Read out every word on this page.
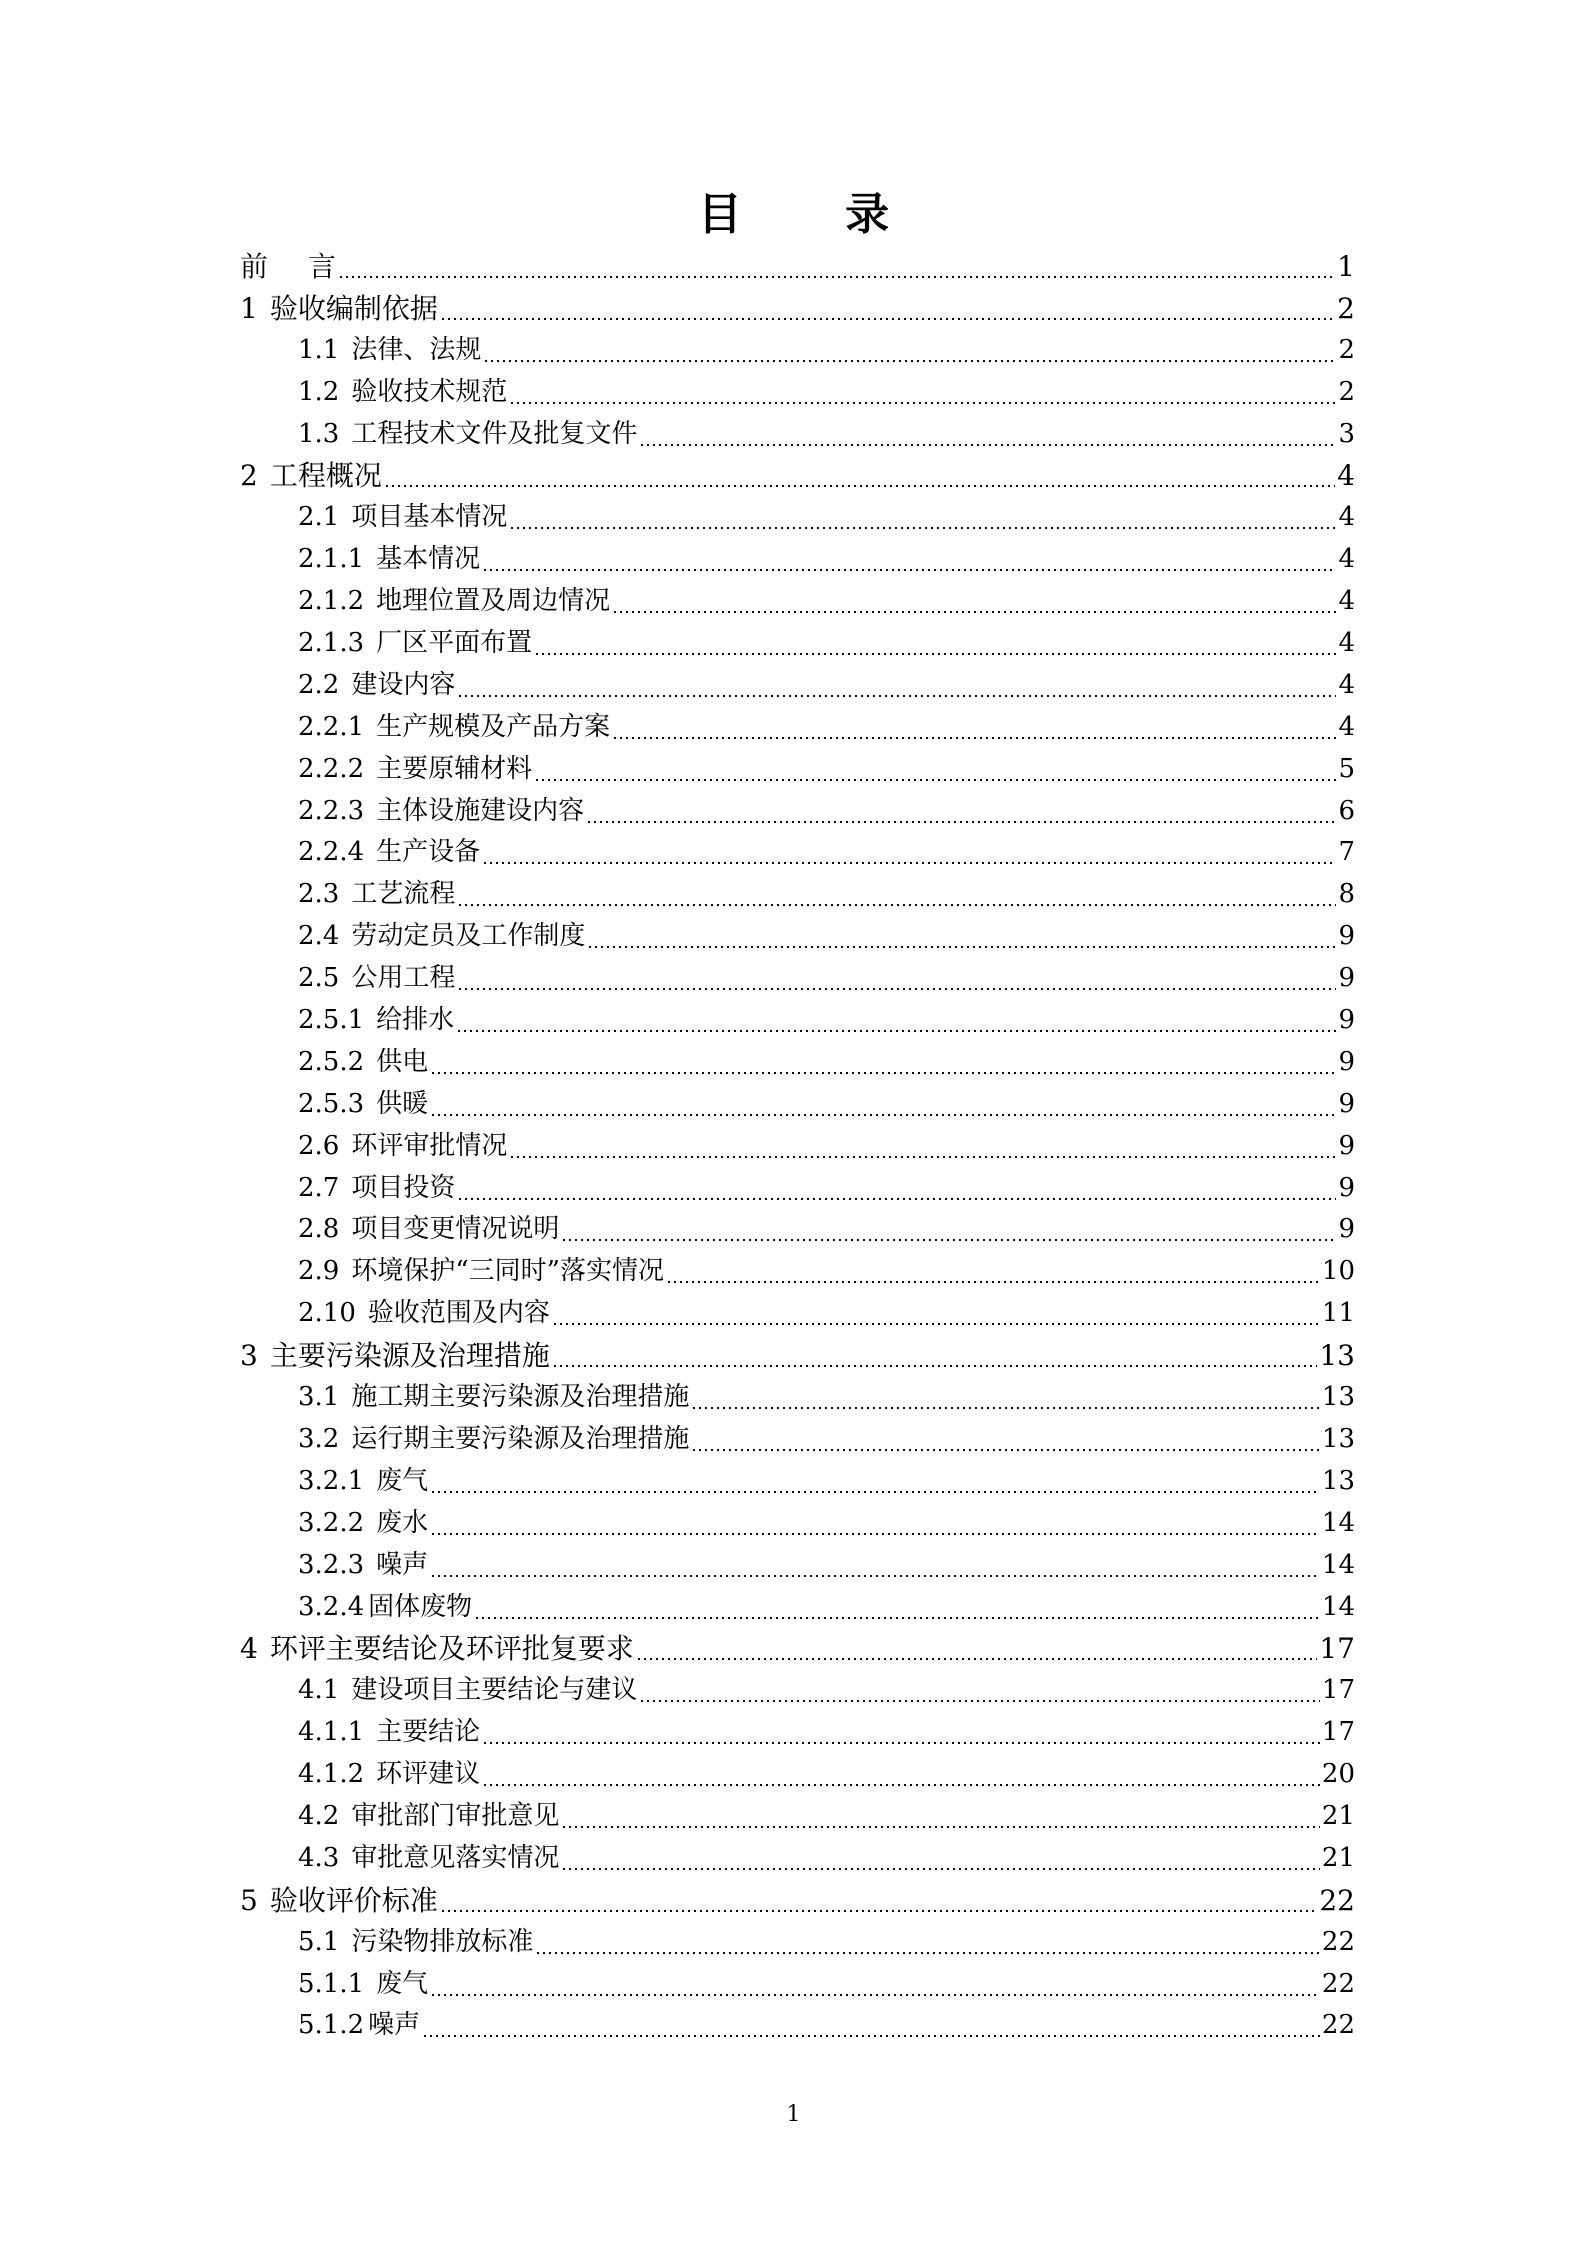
目 录
前 言	1
1 验收编制依据	2
1.1 法律、法规	2
1.2 验收技术规范	2
1.3 工程技术文件及批复文件	3
2 工程概况	4
2.1 项目基本情况	4
2.1.1 基本情况	4
2.1.2 地理位置及周边情况	4
2.1.3 厂区平面布置	4
2.2 建设内容	4
2.2.1 生产规模及产品方案	4
2.2.2 主要原辅材料	5
2.2.3 主体设施建设内容	6
2.2.4 生产设备	7
2.3 工艺流程	8
2.4 劳动定员及工作制度	9
2.5 公用工程	9
2.5.1 给排水	9
2.5.2 供电	9
2.5.3 供暖	9
2.6 环评审批情况	9
2.7 项目投资	9
2.8 项目变更情况说明	9
2.9 环境保护“三同时”落实情况	10
2.10 验收范围及内容	11
3 主要污染源及治理措施	13
3.1 施工期主要污染源及治理措施	13
3.2 运行期主要污染源及治理措施	13
3.2.1 废气	13
3.2.2 废水	14
3.2.3 噪声	14
3.2.4 固体废物	14
4 环评主要结论及环评批复要求	17
4.1 建设项目主要结论与建议	17
4.1.1 主要结论	17
4.1.2 环评建议	20
4.2 审批部门审批意见	21
4.3 审批意见落实情况	21
5 验收评价标准	22
5.1 污染物排放标准	22
5.1.1 废气	22
5.1.2 噪声	22
1
